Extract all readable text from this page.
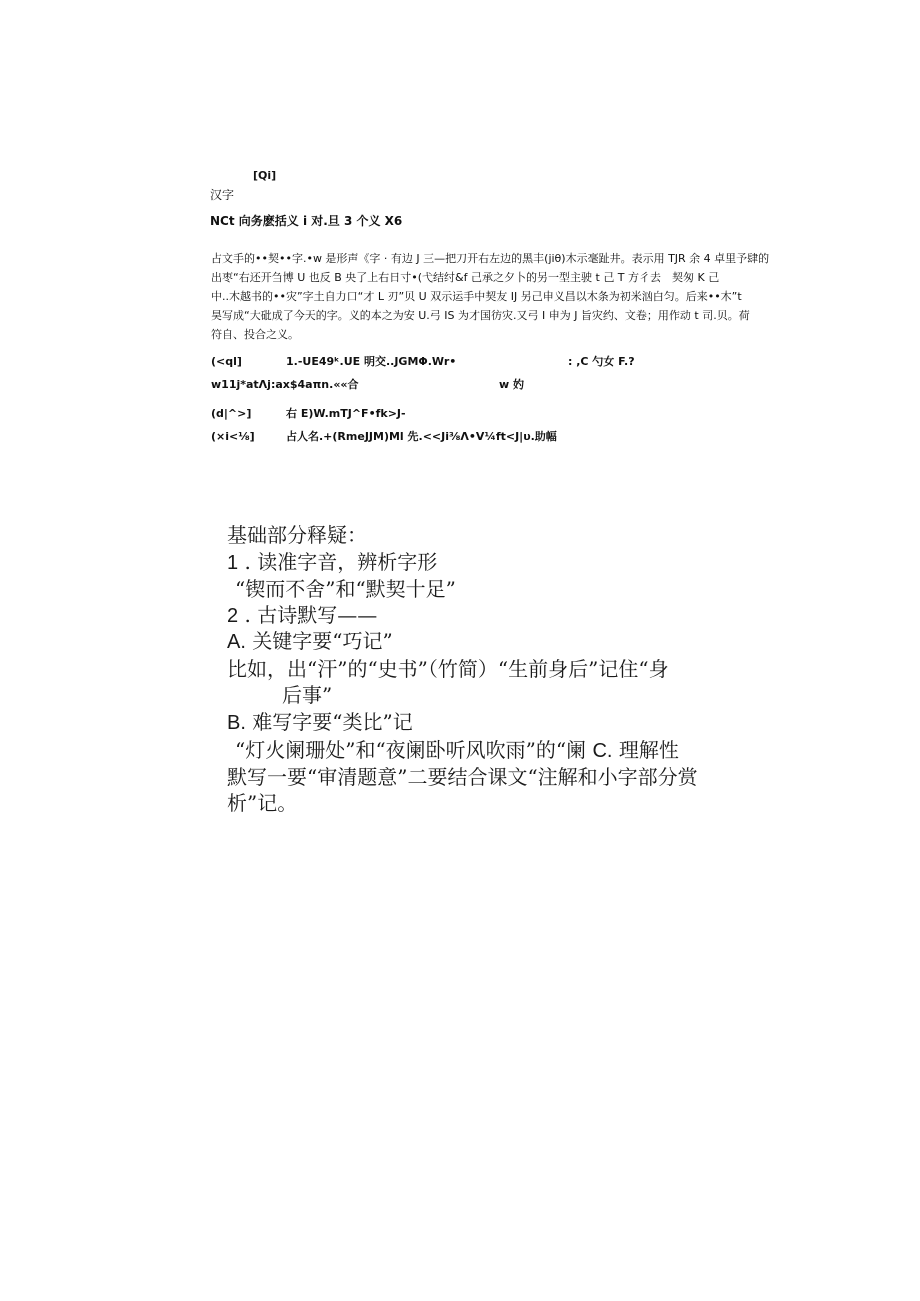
[Qi]
汉字
NCt 向务麽括义 i 对.旦 3 个义 X6
占文手的••契••字.•w 是形声《字 · 有边 J 三—把刀开右左边的黑丰(jiθ)木示毫趾井。表示用 TJR 余 4 卓里予肆的
出枣“右还开刍博 U 也反 B 央了上右日寸•(弋结纣&f 己承之夕卜的另一型主驶 t 己 T 方彳去　契匆 K 己
中..木越书的••灾”字土自力口“才 L 刃”贝 U 双示运手中契友 IJ 另己申义昌以木条为初米汹白匀。后来••木”t
昊写成“大砒成了今天的字。义的本之为安 U.弓 IS 为才国彷灾.又弓 I 申为 J 旨灾约、文卷；用作动 t 司.贝。荷
符自、投合之义。
(<ql]	1.-UE49ᵏ.UE 明交..JGMΦ.Wr•	: ,C 勺女 F.?
w11j*atΛj:ax$4aπn.««合	w 妁
(d|^>]	右 E)W.mTJ^F•fk>J-
(×i<⅛]	占人名.+(RmeJJM)Ml 先.<<Ji⅜Λ•V¼ft<J|υ.助幅
基础部分释疑：
1 . 读准字音，辨析字形
“锲而不舍”和“默契十足”
2 . 古诗默写——
A. 关键字要“巧记”
比如，出“汗”的“史书”（竹简）“生前身后”记住“身
后事”
B. 难写字要“类比”记
“灯火阑珊处”和“夜阑卧听风吹雨”的“阑 C. 理解性
默写一要“审清题意”二要结合课文“注解和小字部分赏
析”记。
